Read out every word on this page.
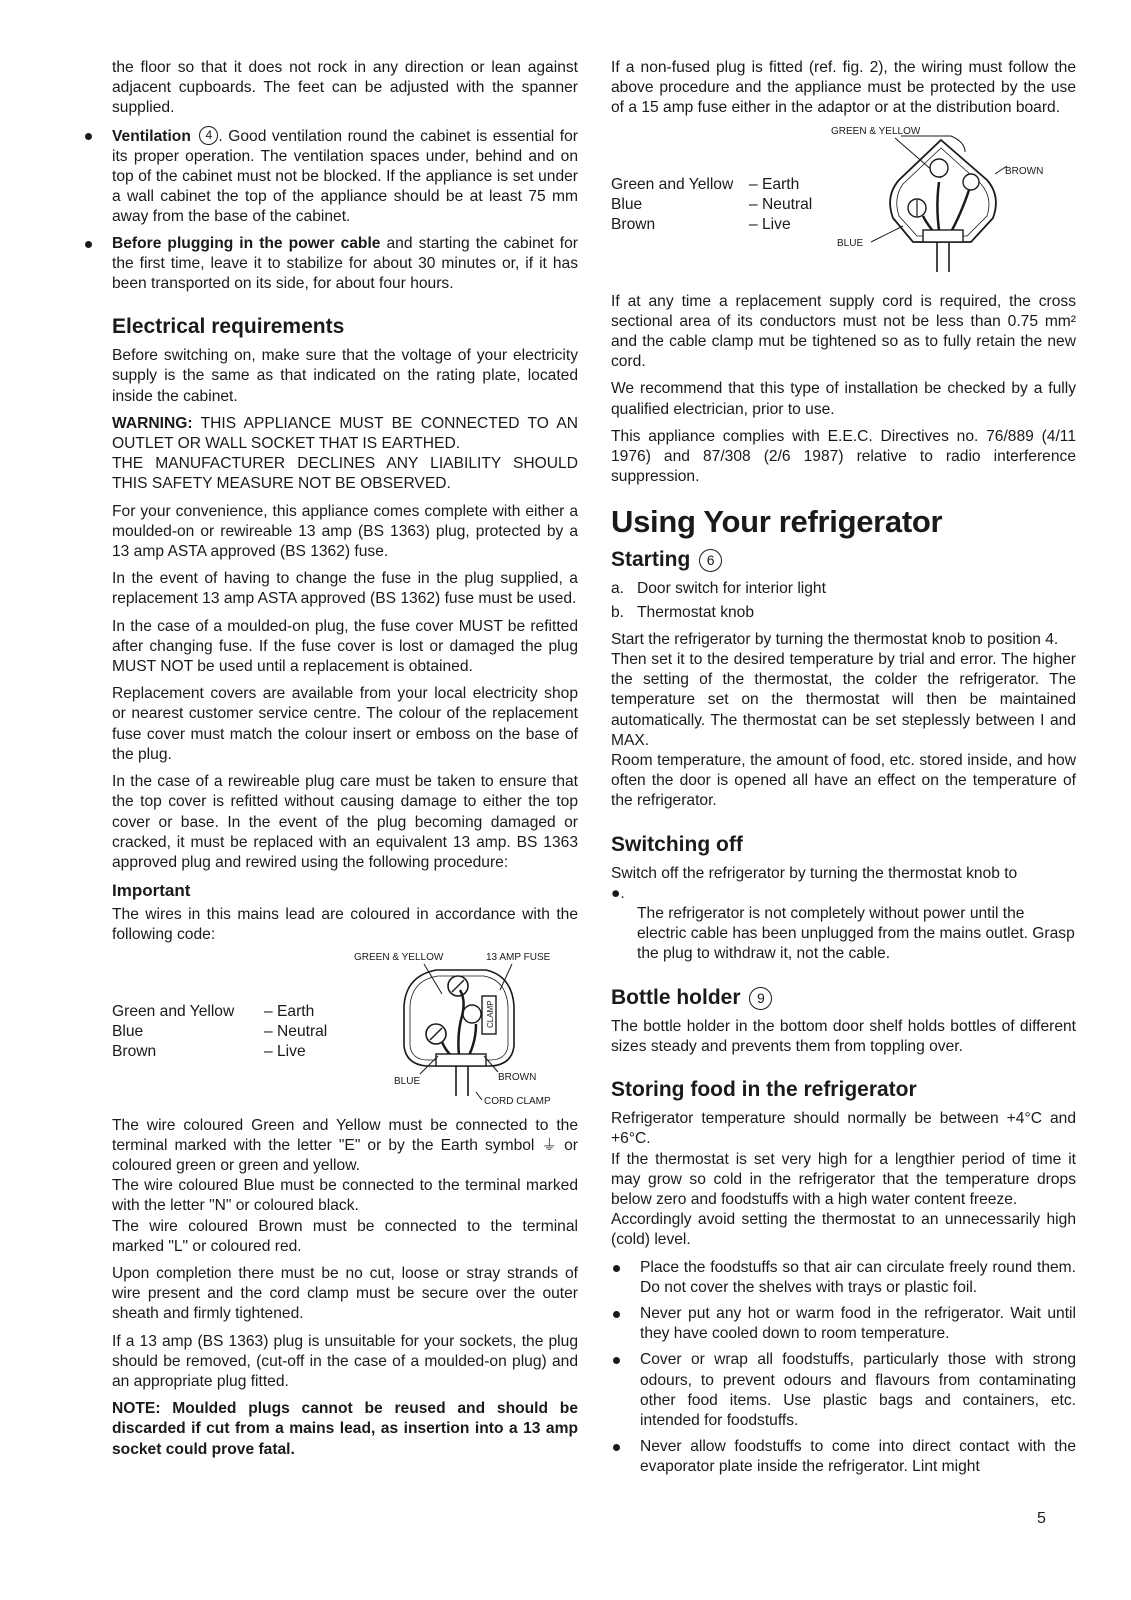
the floor so that it does not rock in any direction or lean against adjacent cupboards. The feet can be adjusted with the spanner supplied.

Ventilation 4 . Good ventilation round the cabinet is essential for its proper operation. The ventilation spaces under, behind and on top of the cabinet must not be blocked. If the appliance is set under a wall cabinet the top of the appliance should be at least 75 mm away from the base of the cabinet.
Before plugging in the power cable and starting the cabinet for the first time, leave it to stabilize for about 30 minutes or, if it has been transported on its side, for about four hours.
Electrical requirements

Before switching on, make sure that the voltage of your electricity supply is the same as that indicated on the rating plate, located inside the cabinet.

WARNING: THIS APPLIANCE MUST BE CONNECTED TO AN OUTLET OR WALL SOCKET THAT IS EARTHED.

THE MANUFACTURER DECLINES ANY LIABILITY SHOULD THIS SAFETY MEASURE NOT BE OBSERVED.

For your convenience, this appliance comes complete with either a moulded-on or rewireable 13 amp (BS 1363) plug, protected by a 13 amp ASTA approved (BS 1362) fuse.

In the event of having to change the fuse in the plug supplied, a replacement 13 amp ASTA approved (BS 1362) fuse must be used.

In the case of a moulded-on plug, the fuse cover MUST be refitted after changing fuse. If the fuse cover is lost or damaged the plug MUST NOT be used until a replacement is obtained.

Replacement covers are available from your local electricity shop or nearest customer service centre. The colour of the replacement fuse cover must match the colour insert or emboss on the base of the plug.

In the case of a rewireable plug care must be taken to ensure that the top cover is refitted without causing damage to either the top cover or base. In the event of the plug becoming damaged or cracked, it must be replaced with an equivalent 13 amp. BS 1363 approved plug and rewired using the following procedure:

Important

The wires in this mains lead are coloured in accordance with the following code:

Green and Yellow	– Earth
Blue	– Neutral
Brown	– Live
GREEN & YELLOW	13 AMP FUSE
CLAMP
BLUE	BROWN
CORD CLAMP

The wire coloured Green and Yellow must be connected to the terminal marked with the letter "E" or by the Earth symbol ⏚ or coloured green or green and yellow.

The wire coloured Blue must be connected to the terminal marked with the letter "N" or coloured black.

The wire coloured Brown must be connected to the terminal marked "L" or coloured red.

Upon completion there must be no cut, loose or stray strands of wire present and the cord clamp must be secure over the outer sheath and firmly tightened.

If a 13 amp (BS 1363) plug is unsuitable for your sockets, the plug should be removed, (cut-off in the case of a moulded-on plug) and an appropriate plug fitted.

NOTE: Moulded plugs cannot be reused and should be discarded if cut from a mains lead, as insertion into a 13 amp socket could prove fatal.

If a non-fused plug is fitted (ref. fig. 2), the wiring must follow the above procedure and the appliance must be protected by the use of a 15 amp fuse either in the adaptor or at the distribution board.

Green and Yellow	– Earth
Blue	– Neutral
Brown	– Live
GREEN & YELLOW
BROWN
BLUE

If at any time a replacement supply cord is required, the cross sectional area of its conductors must not be less than 0.75 mm² and the cable clamp mut be tightened so as to fully retain the new cord.

We recommend that this type of installation be checked by a fully qualified electrician, prior to use.

This appliance complies with E.E.C. Directives no. 76/889 (4/11 1976) and 87/308 (2/6 1987) relative to radio interference suppression.

Using Your refrigerator
Starting 6
a. Door switch for interior light
b. Thermostat knob

Start the refrigerator by turning the thermostat knob to position 4.

Then set it to the desired temperature by trial and error. The higher the setting of the thermostat, the colder the refrigerator. The temperature set on the thermostat will then be maintained automatically. The thermostat can be set steplessly between I and MAX.

Room temperature, the amount of food, etc. stored inside, and how often the door is opened all have an effect on the temperature of the refrigerator.

Switching off

Switch off the refrigerator by turning the thermostat knob to

●.
The refrigerator is not completely without power until the electric cable has been unplugged from the mains outlet. Grasp the plug to withdraw it, not the cable.
Bottle holder 9

The bottle holder in the bottom door shelf holds bottles of different sizes steady and prevents them from toppling over.

Storing food in the refrigerator

Refrigerator temperature should normally be between +4°C and +6°C.

If the thermostat is set very high for a lengthier period of time it may grow so cold in the refrigerator that the temperature drops below zero and foodstuffs with a high water content freeze.

Accordingly avoid setting the thermostat to an unnecessarily high (cold) level.

Place the foodstuffs so that air can circulate freely round them. Do not cover the shelves with trays or plastic foil.
Never put any hot or warm food in the refrigerator. Wait until they have cooled down to room temperature.
Cover or wrap all foodstuffs, particularly those with strong odours, to prevent odours and flavours from contaminating other food items. Use plastic bags and containers, etc. intended for foodstuffs.
Never allow foodstuffs to come into direct contact with the evaporator plate inside the refrigerator. Lint might
5
